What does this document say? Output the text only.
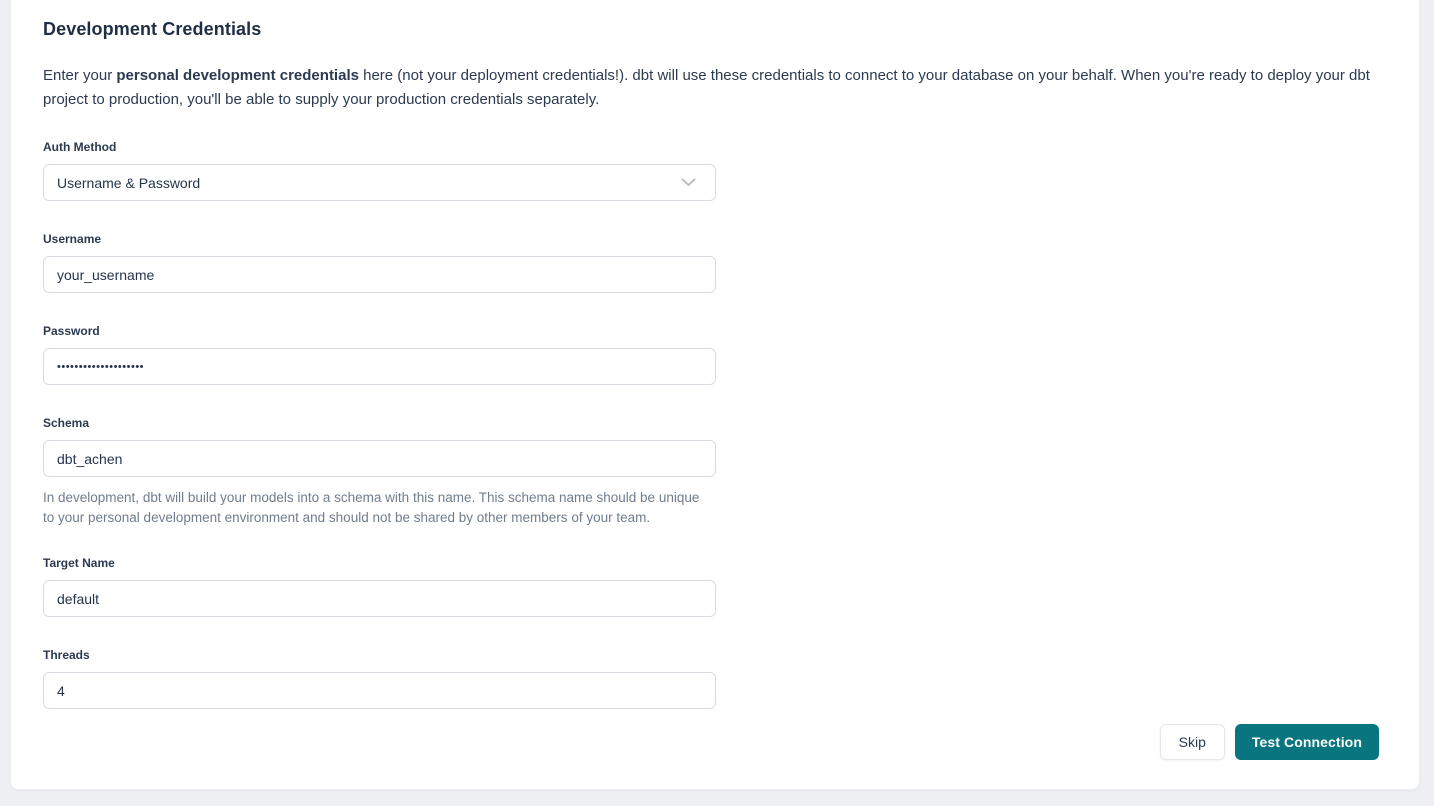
Development Credentials

Enter your personal development credentials here (not your deployment credentials!). dbt will use these credentials to connect to your database on your behalf. When you're ready to deploy your dbt project to production, you'll be able to supply your production credentials separately.

Auth Method
Username & Password
Username
your_username
Password
Schema
dbt_achen

In development, dbt will build your models into a schema with this name. This schema name should be unique to your personal development environment and should not be shared by other members of your team.

Target Name
default
Threads
4
Skip	Test Connection
